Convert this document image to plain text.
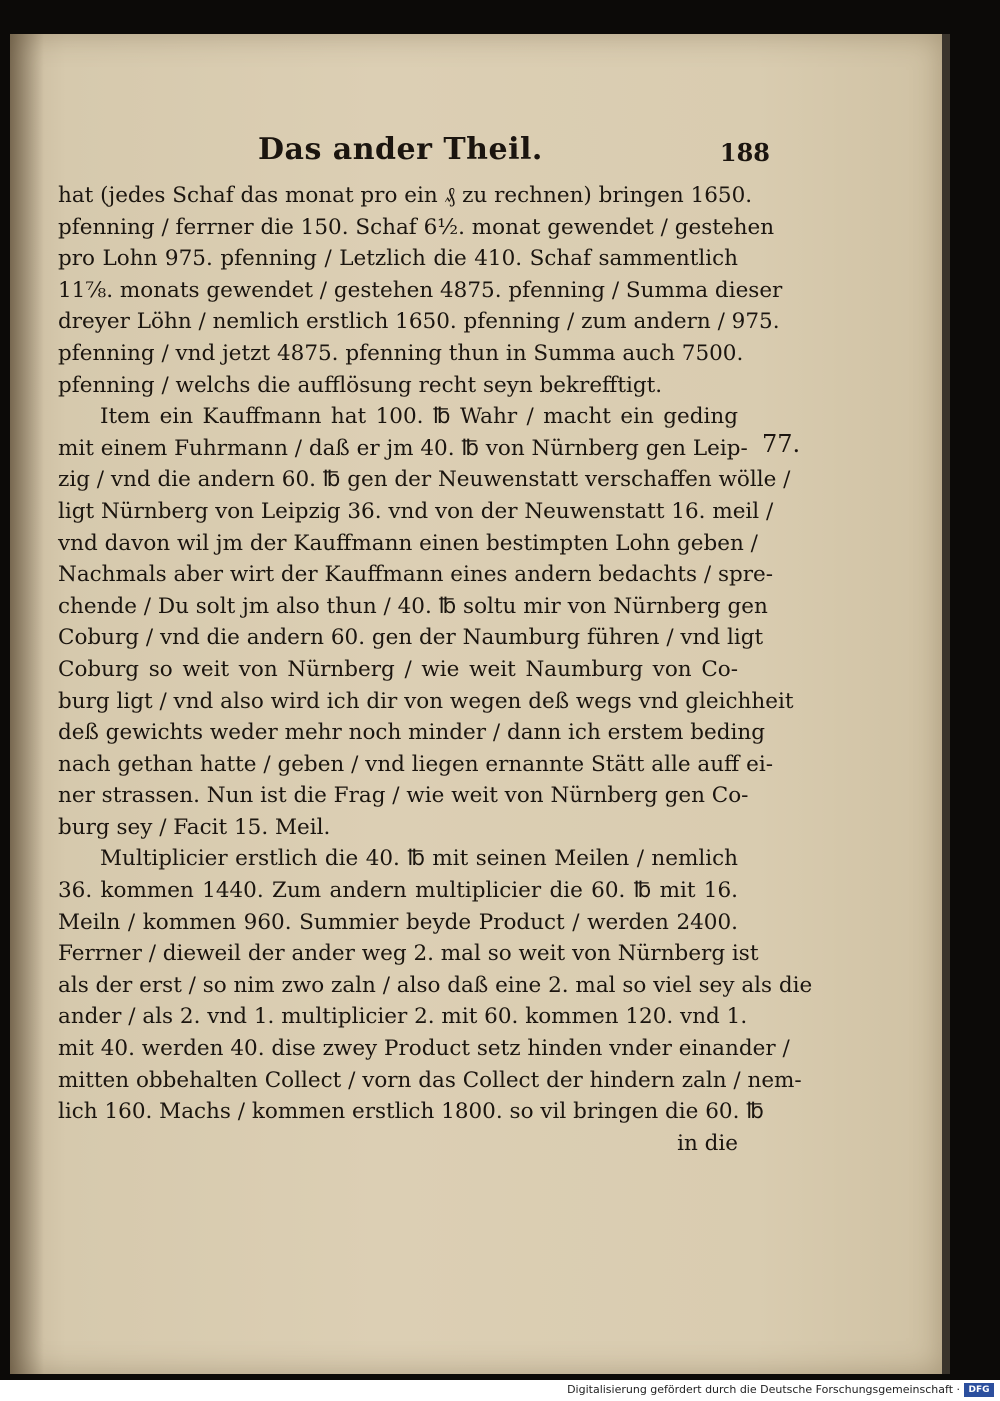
Das ander Theil.	188
hat (jedes Schaf das monat pro ein ₰ zu rechnen) bringen 1650.
pfenning / ferrner die 150. Schaf 6½. monat gewendet / gestehen
pro Lohn 975. pfenning / Letzlich die 410. Schaf sammentlich
11⅞. monats gewendet / gestehen 4875. pfenning / Summa dieser
dreyer Löhn / nemlich erstlich 1650. pfenning / zum andern / 975.
pfenning / vnd jetzt 4875. pfenning thun in Summa auch 7500.
pfenning / welchs die aufflösung recht seyn bekrefftigt.
Item ein Kauffmann hat 100. ℔ Wahr / macht ein geding
mit einem Fuhrmann / daß er jm 40. ℔ von Nürnberg gen Leip-
zig / vnd die andern 60. ℔ gen der Neuwenstatt verschaffen wölle /
ligt Nürnberg von Leipzig 36. vnd von der Neuwenstatt 16. meil /
vnd davon wil jm der Kauffmann einen bestimpten Lohn geben /
Nachmals aber wirt der Kauffmann eines andern bedachts / spre-
chende / Du solt jm also thun / 40. ℔ soltu mir von Nürnberg gen
Coburg / vnd die andern 60. gen der Naumburg führen / vnd ligt
Coburg so weit von Nürnberg / wie weit Naumburg von Co-
burg ligt / vnd also wird ich dir von wegen deß wegs vnd gleichheit
deß gewichts weder mehr noch minder / dann ich erstem beding
nach gethan hatte / geben / vnd liegen ernannte Stätt alle auff ei-
ner strassen. Nun ist die Frag / wie weit von Nürnberg gen Co-
burg sey / Facit 15. Meil.
Multiplicier erstlich die 40. ℔ mit seinen Meilen / nemlich
36. kommen 1440. Zum andern multiplicier die 60. ℔ mit 16.
Meiln / kommen 960. Summier beyde Product / werden 2400.
Ferrner / dieweil der ander weg 2. mal so weit von Nürnberg ist
als der erst / so nim zwo zaln / also daß eine 2. mal so viel sey als die
ander / als 2. vnd 1. multiplicier 2. mit 60. kommen 120. vnd 1.
mit 40. werden 40. dise zwey Product setz hinden vnder einander /
mitten obbehalten Collect / vorn das Collect der hindern zaln / nem-
lich 160. Machs / kommen erstlich 1800. so vil bringen die 60. ℔
in die
77.
Digitalisierung gefördert durch die Deutsche Forschungsgemeinschaft · DFG
